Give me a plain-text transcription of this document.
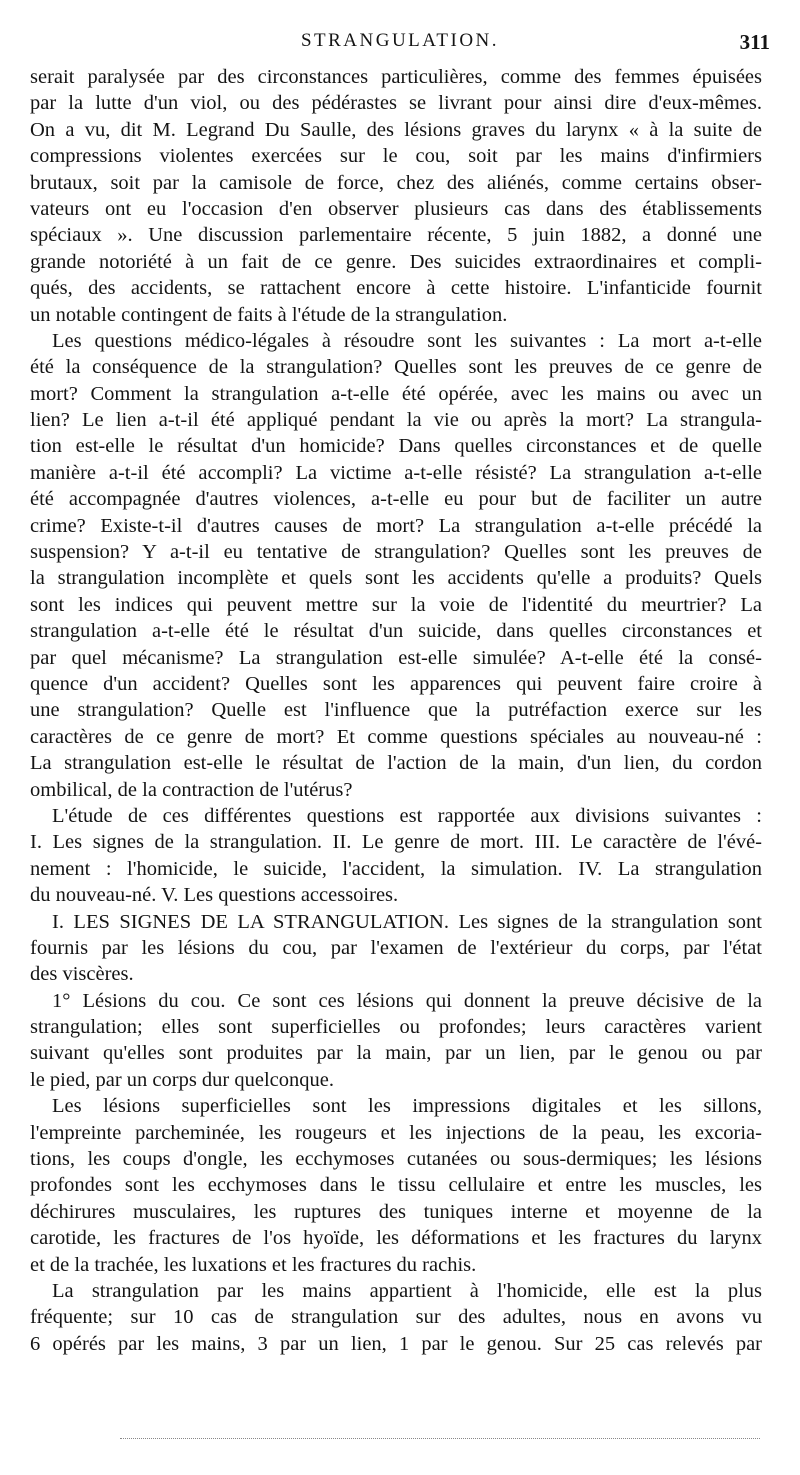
STRANGULATION.	311
serait paralysée par des circonstances particulières, comme des femmes épuisées
par la lutte d'un viol, ou des pédérastes se livrant pour ainsi dire d'eux-mêmes.
On a vu, dit M. Legrand Du Saulle, des lésions graves du larynx « à la suite de
compressions violentes exercées sur le cou, soit par les mains d'infirmiers
brutaux, soit par la camisole de force, chez des aliénés, comme certains obser-
vateurs ont eu l'occasion d'en observer plusieurs cas dans des établissements
spéciaux ». Une discussion parlementaire récente, 5 juin 1882, a donné une
grande notoriété à un fait de ce genre. Des suicides extraordinaires et compli-
qués, des accidents, se rattachent encore à cette histoire. L'infanticide fournit
un notable contingent de faits à l'étude de la strangulation.
Les questions médico-légales à résoudre sont les suivantes : La mort a-t-elle
été la conséquence de la strangulation? Quelles sont les preuves de ce genre de
mort? Comment la strangulation a-t-elle été opérée, avec les mains ou avec un
lien? Le lien a-t-il été appliqué pendant la vie ou après la mort? La strangula-
tion est-elle le résultat d'un homicide? Dans quelles circonstances et de quelle
manière a-t-il été accompli? La victime a-t-elle résisté? La strangulation a-t-elle
été accompagnée d'autres violences, a-t-elle eu pour but de faciliter un autre
crime? Existe-t-il d'autres causes de mort? La strangulation a-t-elle précédé la
suspension? Y a-t-il eu tentative de strangulation? Quelles sont les preuves de
la strangulation incomplète et quels sont les accidents qu'elle a produits? Quels
sont les indices qui peuvent mettre sur la voie de l'identité du meurtrier? La
strangulation a-t-elle été le résultat d'un suicide, dans quelles circonstances et
par quel mécanisme? La strangulation est-elle simulée? A-t-elle été la consé-
quence d'un accident? Quelles sont les apparences qui peuvent faire croire à
une strangulation? Quelle est l'influence que la putréfaction exerce sur les
caractères de ce genre de mort? Et comme questions spéciales au nouveau-né :
La strangulation est-elle le résultat de l'action de la main, d'un lien, du cordon
ombilical, de la contraction de l'utérus?
L'étude de ces différentes questions est rapportée aux divisions suivantes :
I. Les signes de la strangulation. II. Le genre de mort. III. Le caractère de l'évé-
nement : l'homicide, le suicide, l'accident, la simulation. IV. La strangulation
du nouveau-né. V. Les questions accessoires.
I. LES SIGNES DE LA STRANGULATION. Les signes de la strangulation sont
fournis par les lésions du cou, par l'examen de l'extérieur du corps, par l'état
des viscères.
1° Lésions du cou. Ce sont ces lésions qui donnent la preuve décisive de la
strangulation; elles sont superficielles ou profondes; leurs caractères varient
suivant qu'elles sont produites par la main, par un lien, par le genou ou par
le pied, par un corps dur quelconque.
Les lésions superficielles sont les impressions digitales et les sillons,
l'empreinte parcheminée, les rougeurs et les injections de la peau, les excoria-
tions, les coups d'ongle, les ecchymoses cutanées ou sous-dermiques; les lésions
profondes sont les ecchymoses dans le tissu cellulaire et entre les muscles, les
déchirures musculaires, les ruptures des tuniques interne et moyenne de la
carotide, les fractures de l'os hyoïde, les déformations et les fractures du larynx
et de la trachée, les luxations et les fractures du rachis.
La strangulation par les mains appartient à l'homicide, elle est la plus
fréquente; sur 10 cas de strangulation sur des adultes, nous en avons vu
6 opérés par les mains, 3 par un lien, 1 par le genou. Sur 25 cas relevés par
